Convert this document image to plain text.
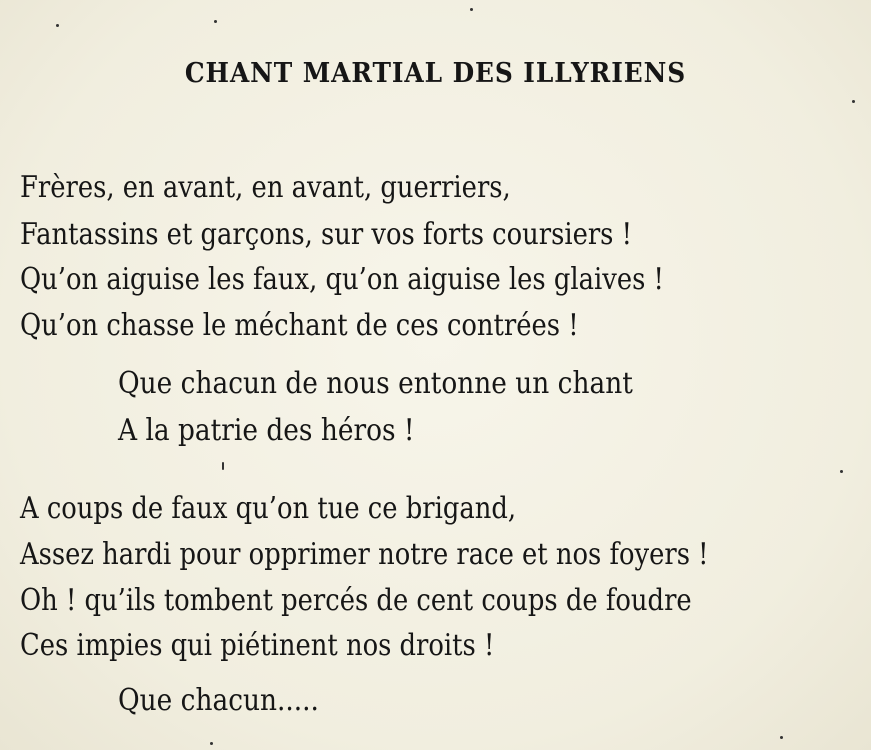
CHANT MARTIAL DES ILLYRIENS
Frères, en avant, en avant, guerriers,
Fantassins et garçons, sur vos forts coursiers !
Qu’on aiguise les faux, qu’on aiguise les glaives !
Qu’on chasse le méchant de ces contrées !
Que chacun de nous entonne un chant
A la patrie des héros !
A coups de faux qu’on tue ce brigand,
Assez hardi pour opprimer notre race et nos foyers !
Oh ! qu’ils tombent percés de cent coups de foudre
Ces impies qui piétinent nos droits !
Que chacun.....
